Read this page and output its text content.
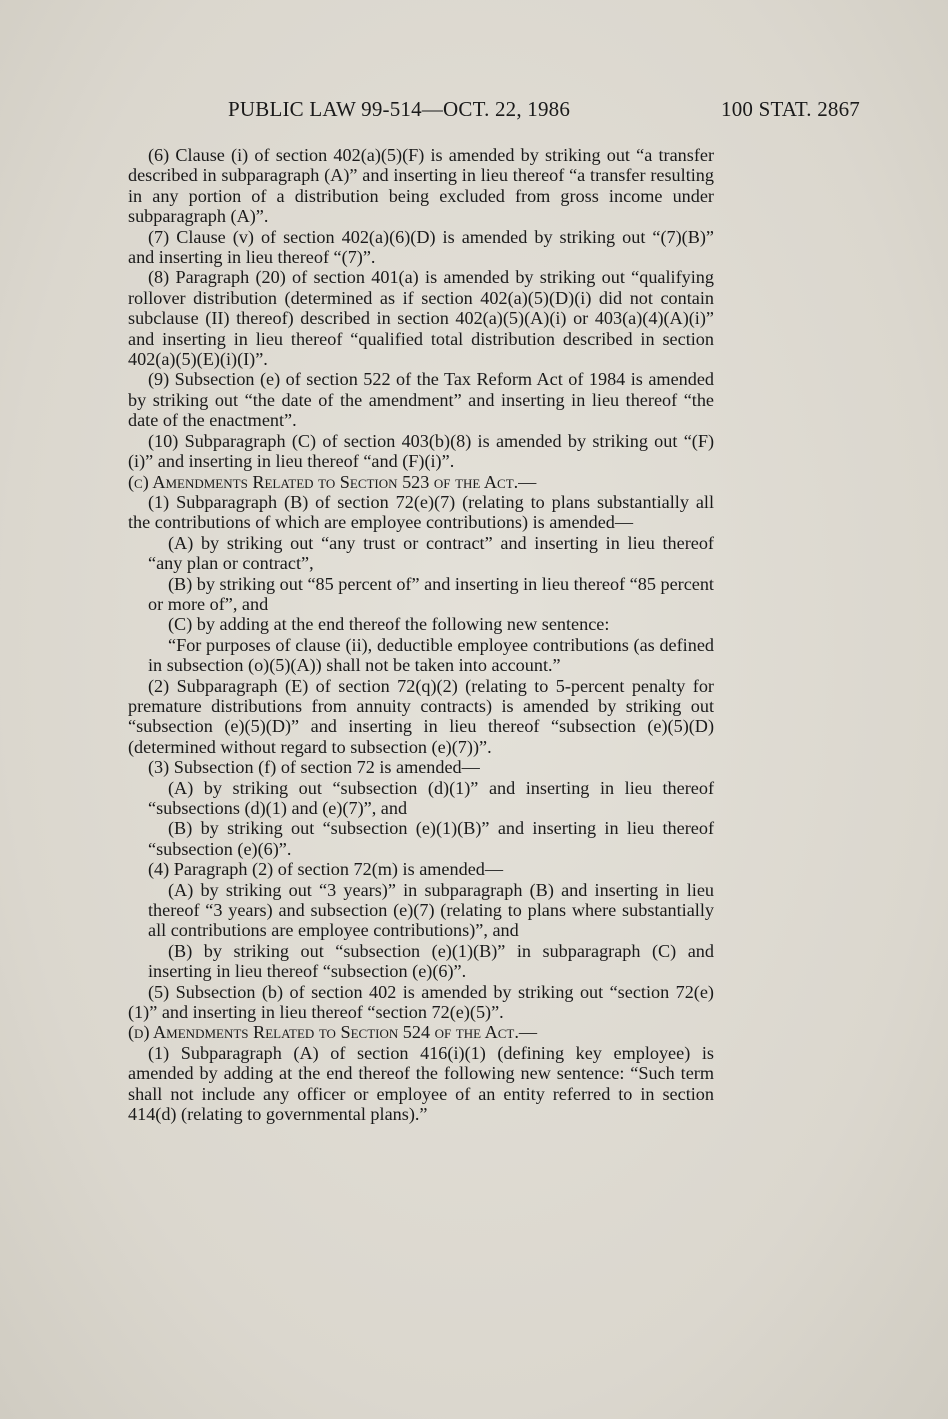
PUBLIC LAW 99-514—OCT. 22, 1986	100 STAT. 2867

(6) Clause (i) of section 402(a)(5)(F) is amended by striking out “a transfer described in subparagraph (A)” and inserting in lieu thereof “a transfer resulting in any portion of a distribution being excluded from gross income under subparagraph (A)”.

(7) Clause (v) of section 402(a)(6)(D) is amended by striking out “(7)(B)” and inserting in lieu thereof “(7)”.

(8) Paragraph (20) of section 401(a) is amended by striking out “qualifying rollover distribution (determined as if section 402(a)(5)(D)(i) did not contain subclause (II) thereof) described in section 402(a)(5)(A)(i) or 403(a)(4)(A)(i)” and inserting in lieu thereof “qualified total distribution described in section 402(a)(5)(E)(i)(I)”.

(9) Subsection (e) of section 522 of the Tax Reform Act of 1984 is amended by striking out “the date of the amendment” and inserting in lieu thereof “the date of the enactment”.

(10) Subparagraph (C) of section 403(b)(8) is amended by striking out “(F)(i)” and inserting in lieu thereof “and (F)(i)”.

(c) Amendments Related to Section 523 of the Act.—

(1) Subparagraph (B) of section 72(e)(7) (relating to plans substantially all the contributions of which are employee contributions) is amended—

(A) by striking out “any trust or contract” and inserting in lieu thereof “any plan or contract”,

(B) by striking out “85 percent of” and inserting in lieu thereof “85 percent or more of”, and

(C) by adding at the end thereof the following new sentence:

“For purposes of clause (ii), deductible employee contributions (as defined in subsection (o)(5)(A)) shall not be taken into account.”

(2) Subparagraph (E) of section 72(q)(2) (relating to 5-percent penalty for premature distributions from annuity contracts) is amended by striking out “subsection (e)(5)(D)” and inserting in lieu thereof “subsection (e)(5)(D) (determined without regard to subsection (e)(7))”.

(3) Subsection (f) of section 72 is amended—

(A) by striking out “subsection (d)(1)” and inserting in lieu thereof “subsections (d)(1) and (e)(7)”, and

(B) by striking out “subsection (e)(1)(B)” and inserting in lieu thereof “subsection (e)(6)”.

(4) Paragraph (2) of section 72(m) is amended—

(A) by striking out “3 years)” in subparagraph (B) and inserting in lieu thereof “3 years) and subsection (e)(7) (relating to plans where substantially all contributions are employee contributions)”, and

(B) by striking out “subsection (e)(1)(B)” in subparagraph (C) and inserting in lieu thereof “subsection (e)(6)”.

(5) Subsection (b) of section 402 is amended by striking out “section 72(e)(1)” and inserting in lieu thereof “section 72(e)(5)”.

(d) Amendments Related to Section 524 of the Act.—

(1) Subparagraph (A) of section 416(i)(1) (defining key employee) is amended by adding at the end thereof the following new sentence: “Such term shall not include any officer or employee of an entity referred to in section 414(d) (relating to governmental plans).”
